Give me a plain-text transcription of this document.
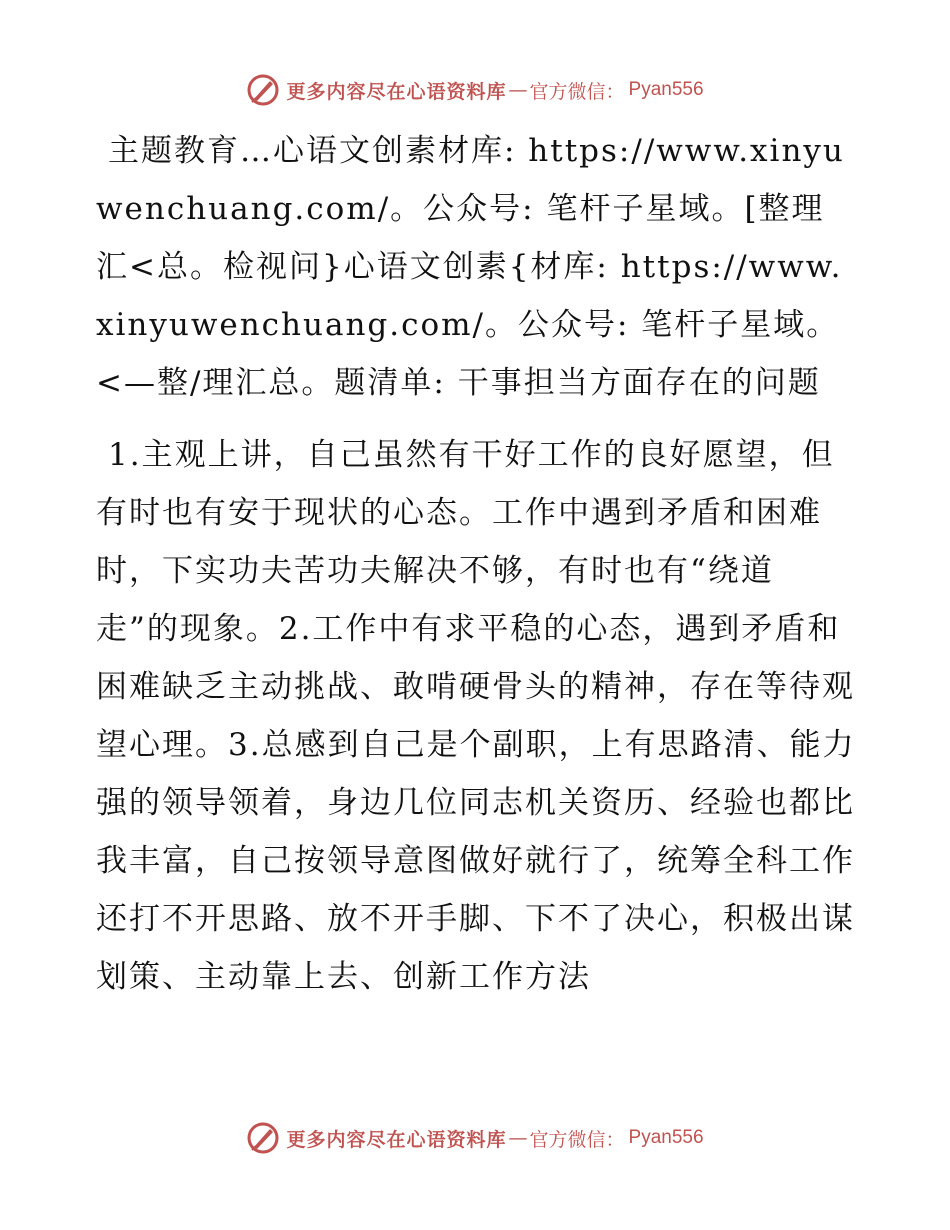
更多内容尽在心语资料库 — 官方微信 ： Pyan556

主题教育…心语文创素材库: https://www.xinyuwenchuang.com/。公众号: 笔杆子星域。[整理汇<总。检视问}心语文创素{材库: https://www.xinyuwenchuang.com/。公众号: 笔杆子星域。<—整/理汇总。题清单: 干事担当方面存在的问题

1.主观上讲，自己虽然有干好工作的良好愿望，但有时也有安于现状的心态。工作中遇到矛盾和困难时，下实功夫苦功夫解决不够，有时也有“绕道走”的现象。2.工作中有求平稳的心态，遇到矛盾和困难缺乏主动挑战、敢啃硬骨头的精神，存在等待观望心理。3.总感到自己是个副职，上有思路清、能力强的领导领着，身边几位同志机关资历、经验也都比我丰富，自己按领导意图做好就行了，统筹全科工作还打不开思路、放不开手脚、下不了决心，积极出谋划策、主动靠上去、创新工作方法

更多内容尽在心语资料库 — 官方微信 ： Pyan556
